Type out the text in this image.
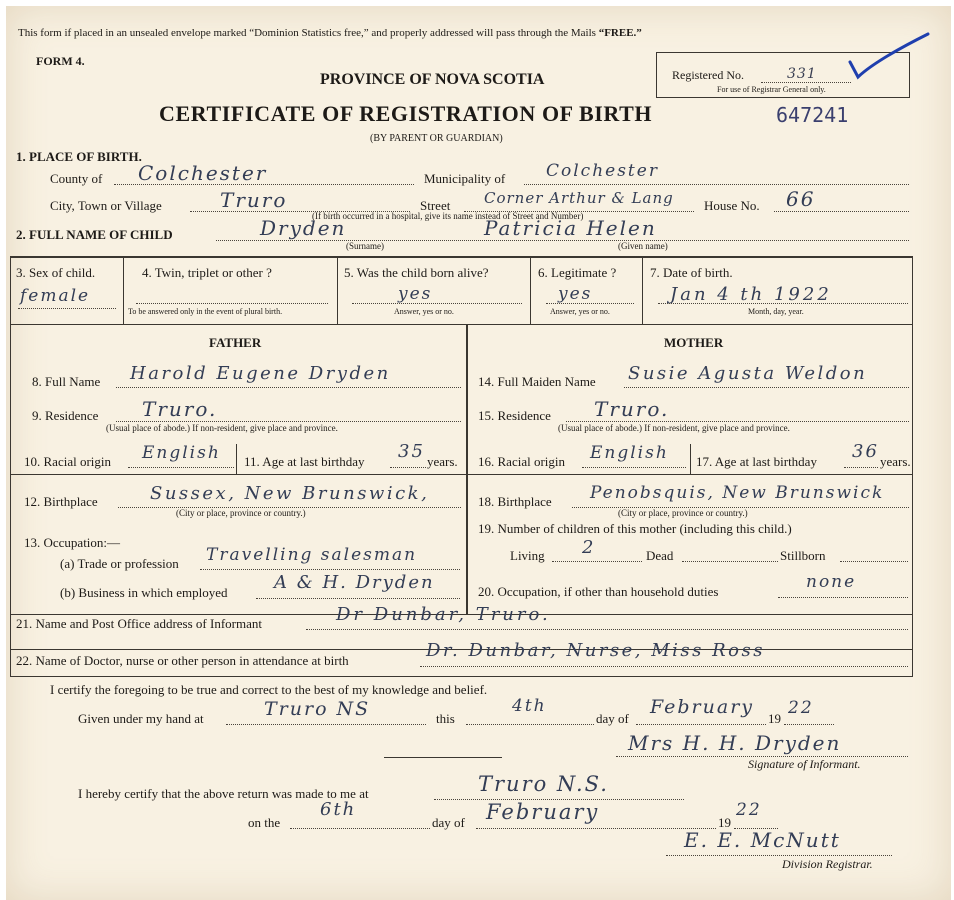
This form if placed in an unsealed envelope marked “Dominion Statistics free,” and properly addressed will pass through the Mails “FREE.”
FORM 4.
Registered No.	331
For use of Registrar General only.
PROVINCE OF NOVA SCOTIA
CERTIFICATE OF REGISTRATION OF BIRTH	647241
(BY PARENT OR GUARDIAN)
1. PLACE OF BIRTH.
County of Colchester	Municipality of Colchester
City, Town or Village	Truro	Street Corner Arthur & Lang House No. 66
(If birth occurred in a hospital, give its name instead of Street and Number)
2. FULL NAME OF CHILD	Dryden	Patricia Helen
(Surname)	(Given name)
3. Sex of child.
female
4. Twin, triplet or other ?
To be answered only in the event of plural birth.
5. Was the child born alive?
yes
Answer, yes or no.
6. Legitimate ?
yes
Answer, yes or no.
7. Date of birth.
Jan 4 th 1922
Month, day, year.
FATHER	MOTHER
8. Full Name Harold Eugene Dryden
9. Residence Truro.
(Usual place of abode.) If non-resident, give place and province.
10. Racial origin English 11. Age at last birthday 35 years.
12. Birthplace	Sussex, New Brunswick,
(City or place, province or country.)
13. Occupation:—
(a) Trade or profession Travelling salesman
(b) Business in which employed	A & H. Dryden
14. Full Maiden Name Susie Agusta Weldon
15. Residence Truro.
(Usual place of abode.) If non-resident, give place and province.
16. Racial origin English 17. Age at last birthday 36 years.
18. Birthplace Penobsquis, New Brunswick
(City or place, province or country.)
19. Number of children of this mother (including this child.)
Living 2	Dead	Stillborn
20. Occupation, if other than household duties	none
21. Name and Post Office address of Informant	Dr Dunbar, Truro.
22. Name of Doctor, nurse or other person in attendance at birth	Dr. Dunbar, Nurse, Miss Ross
I certify the foregoing to be true and correct to the best of my knowledge and belief.
Given under my hand at	Truro NS	this
4th
day of
February
19
22
Mrs H. H. Dryden
Signature of Informant.
I hereby certify that the above return was made to me at	Truro N.S.
on the
6th
day of February	19
22
E. E. McNutt
Division Registrar.
